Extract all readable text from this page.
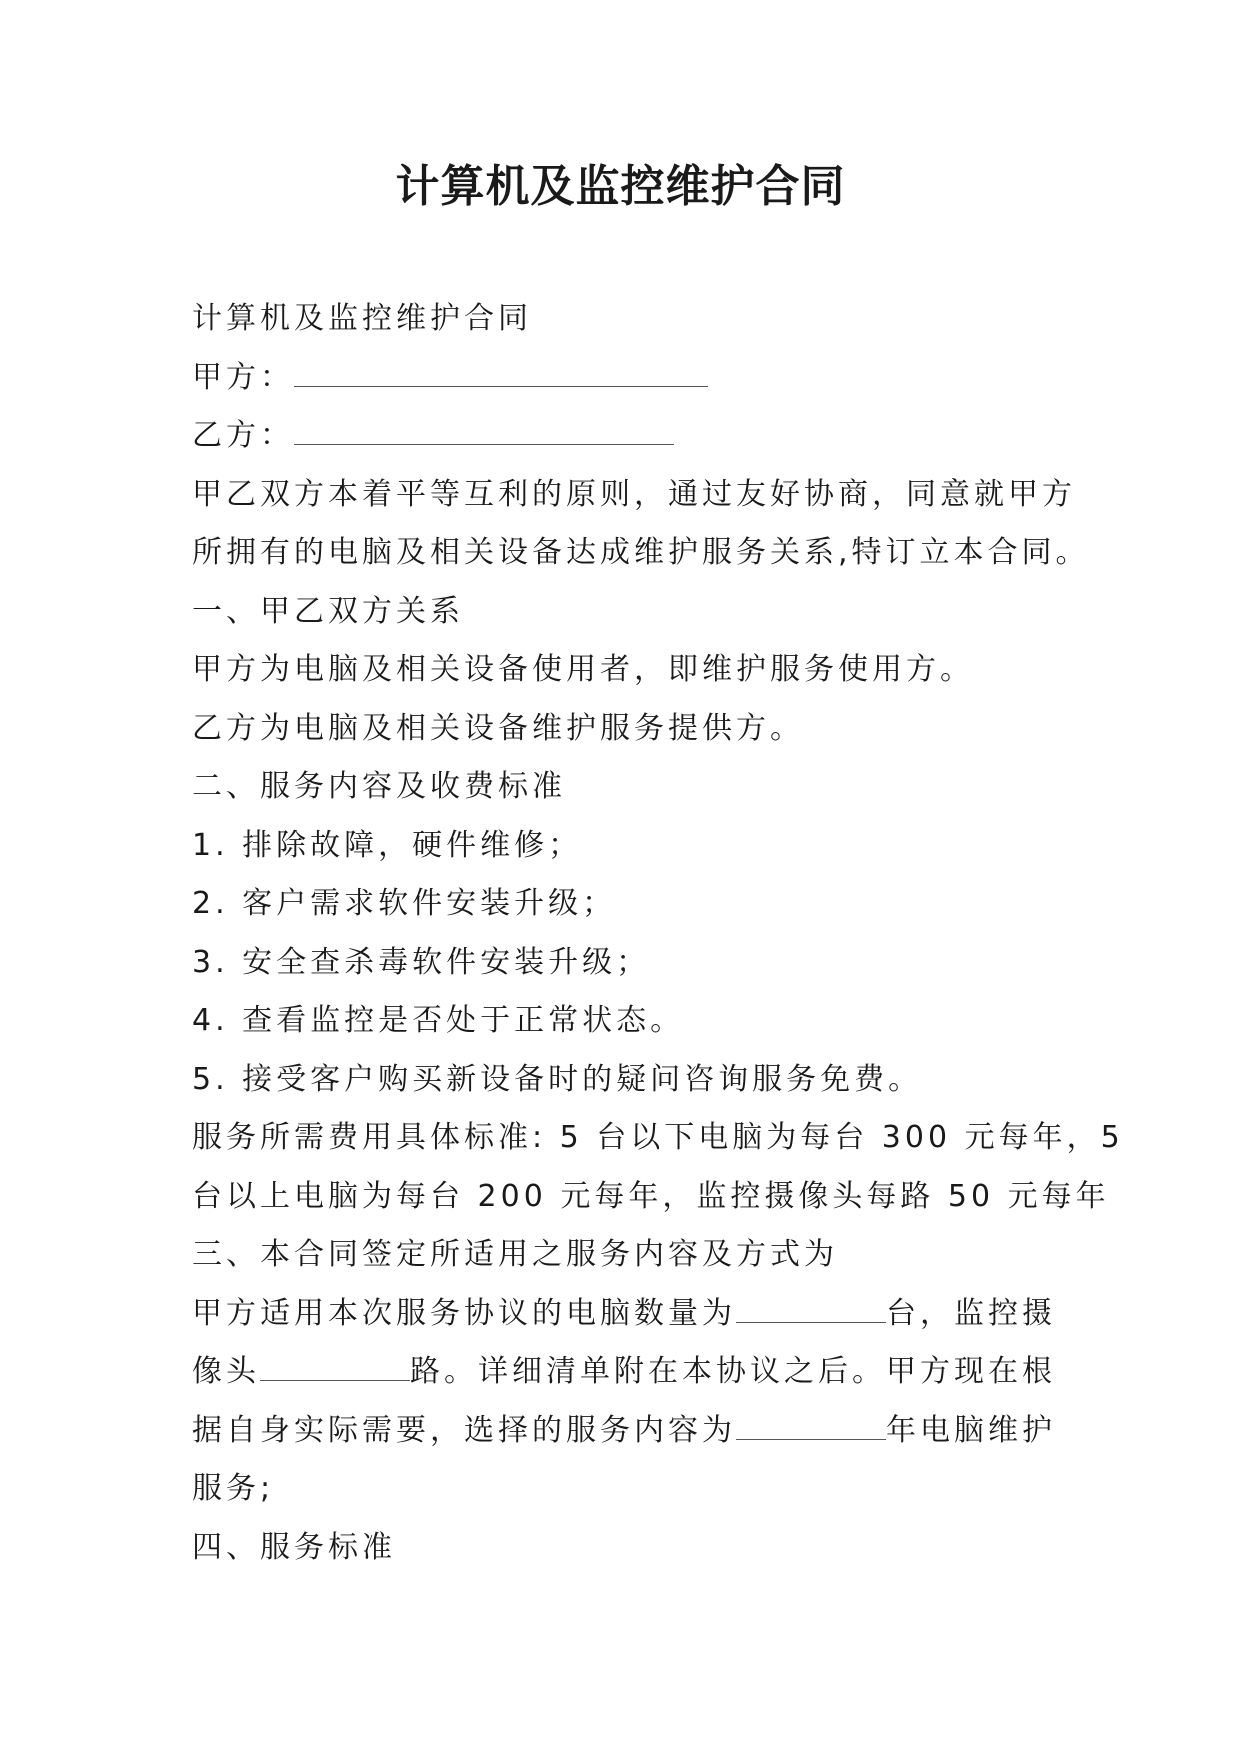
计算机及监控维护合同
计算机及监控维护合同
甲方：
乙方：
甲乙双方本着平等互利的原则，通过友好协商，同意就甲方
所拥有的电脑及相关设备达成维护服务关系,特订立本合同。
一、甲乙双方关系
甲方为电脑及相关设备使用者，即维护服务使用方。
乙方为电脑及相关设备维护服务提供方。
二、服务内容及收费标准
1. 排除故障，硬件维修；
2. 客户需求软件安装升级；
3. 安全查杀毒软件安装升级；
4. 查看监控是否处于正常状态。
5. 接受客户购买新设备时的疑问咨询服务免费。
服务所需费用具体标准: 5 台以下电脑为每台 300 元每年，5
台以上电脑为每台 200 元每年，监控摄像头每路 50 元每年
三、本合同签定所适用之服务内容及方式为
甲方适用本次服务协议的电脑数量为	台，监控摄
像头	路。详细清单附在本协议之后。甲方现在根
据自身实际需要，选择的服务内容为	年电脑维护
服务;
四、服务标准
